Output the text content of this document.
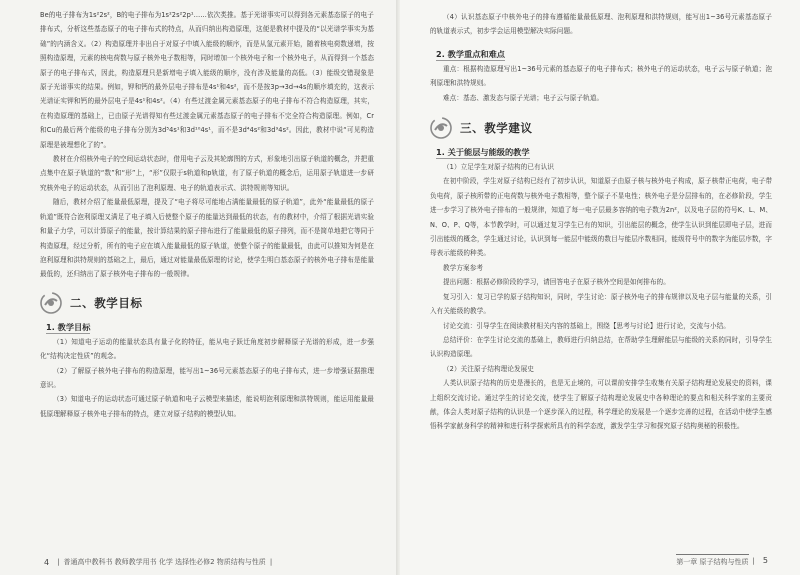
Be的电子排布为1s²2s²，B的电子排布为1s²2s²2p¹……依次类推。基于光谱事实可以得到各元素基态原子的电子排布式，分析这些基态原子的电子排布式的特点，从而归纳出构造原理，这便是教材中提及的“以光谱学事实为基础”的内涵含义。（2）构造原理并非出自于对原子中填入能级的顺序，而是从氢元素开始，随着核电荷数递增，按照构造原理，元素的核电荷数与原子核外电子数相等，同时增加一个核外电子和一个核外电子，从而得到一个基态原子的电子排布式，因此，构造原理只是新增电子填入能级的顺序，没有涉及能量的高低。（3）能级交错现象是原子光谱事实的结果。例如，钾和钙的最外层电子排布是4s¹和4s²，而不是按3p→3d→4s的顺序填充的，这表示光谱证实钾和钙的最外层电子是4s¹和4s²。（4）有些过渡金属元素基态原子的电子排布不符合构造原理，其实，在构造原理的基础上，已由原子光谱得知有些过渡金属元素基态原子的电子排布不完全符合构造原理。例如，Cr和Cu的最后两个能级的电子排布分别为3d⁵4s¹和3d¹⁰4s¹，而不是3d⁴4s²和3d⁹4s²。因此，教材中说“可见构造原理是被理想化了的”。

教材在介绍核外电子的空间运动状态时，借用电子云及其轮廓图的方式，形象地引出原子轨道的概念，并把重点集中在原子轨道的“数”和“形”上，“形”仅限于s轨道和p轨道，有了原子轨道的概念后，运用原子轨道进一步研究核外电子的运动状态，从而引出了泡利原理、电子的轨道表示式、洪特规则等知识。

随后，教材介绍了能量最低原理，提及了“电子将尽可能地占满能量最低的原子轨道”，此外“能量最低的原子轨道”既符合泡利原理又满足了电子填入后使整个原子的能量达到最低的状态，有的教材中，介绍了根据光谱实验和量子力学，可以计算原子的能量，按计算结果的原子排布进行了能量最低的原子排列，而不是简单地把它等同于构造原理，经过分析，所有的电子应在填入能量最低的原子轨道，使整个原子的能量最低，由此可以推知为何是在泡利原理和洪特规则的基础之上，最后，通过对能量最低原理的讨论，使学生明白基态原子的核外电子排布是能量最低的，还归纳出了原子核外电子排布的一般规律。

二、教学目标
1. 教学目标

（1）知道电子运动的能量状态具有量子化的特征，能从电子跃迁角度初步解释原子光谱的形成，进一步强化“结构决定性质”的观念。

（2）了解原子核外电子排布的构造原理，能写出1~36号元素基态原子的电子排布式，进一步增强证据推理意识。

（3）知道电子的运动状态可通过原子轨道和电子云模型来描述，能说明泡利原理和洪特规则，能运用能量最低原理解释原子核外电子排布的特点，建立对原子结构的模型认知。

4 | 普通高中教科书 教师教学用书 化学 选择性必修2 物质结构与性质 |

（4）认识基态原子中核外电子的排布遵循能量最低原理、泡利原理和洪特规则，能写出1~36号元素基态原子的轨道表示式，初步学会运用模型解决实际问题。

2. 教学重点和难点

重点：根据构造原理写出1~36号元素的基态原子的电子排布式；核外电子的运动状态，电子云与原子轨道；泡利原理和洪特规则。

难点：基态、激发态与原子光谱；电子云与原子轨道。

三、教学建议
1. 关于能层与能级的教学

（1）立足学生对原子结构的已有认识

在初中阶段，学生对原子结构已经有了初步认识，知道原子由原子核与核外电子构成，原子核带正电荷，电子带负电荷，原子核所带的正电荷数与核外电子数相等，整个原子不显电性；核外电子是分层排布的，在必修阶段，学生进一步学习了核外电子排布的一般规律，知道了每一电子层最多容纳的电子数为2n²，以及电子层的符号K、L、M、N、O、P、Q等，本节教学时，可以通过复习学生已有的知识，引出能层的概念，使学生认识到能层即电子层，进而引出能级的概念，学生通过讨论，认识到每一能层中能级的数目与能层序数相同，能级符号中的数字为能层序数，字母表示能级的种类。

教学方案参考

提出问题：根据必修阶段的学习，请回答电子在原子核外空间是如何排布的。

复习引入：复习已学的原子结构知识，同时，学生讨论：原子核外电子的排布规律以及电子层与能量的关系，引入有关能级的教学。

讨论交流：引导学生在阅读教材相关内容的基础上，围绕【思考与讨论】进行讨论，交流与小结。

总结评价：在学生讨论交流的基础上，教师进行归纳总结，在帮助学生理解能层与能级的关系的同时，引导学生认识构造原理。

（2）关注原子结构理论发展史

人类认识原子结构的历史是漫长的，也是无止境的，可以课前安排学生收集有关原子结构理论发展史的资料，课上组织交流讨论。通过学生的讨论交流，使学生了解原子结构理论发展史中各种理论的要点和相关科学家的主要贡献，体会人类对原子结构的认识是一个逐步深入的过程，科学理论的发展是一个逐步完善的过程，在活动中使学生感悟科学家献身科学的精神和进行科学探索所具有的科学态度，激发学生学习和探究原子结构奥秘的积极性。

第一章 原子结构与性质 | 5
